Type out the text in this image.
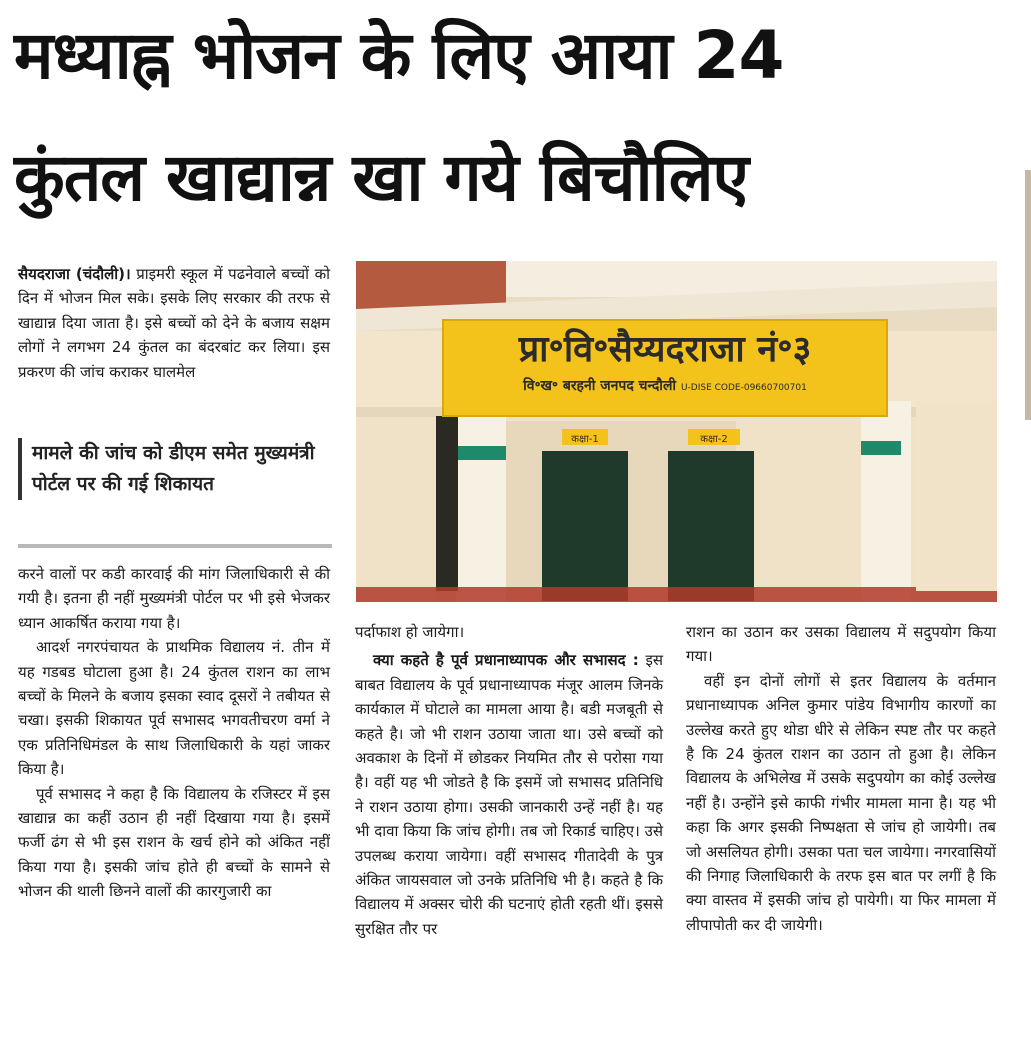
मध्याह्न भोजन के लिए आया 24
कुंतल खाद्यान्न खा गये बिचौलिए

सैयदराजा (चंदौली)। प्राइमरी स्कूल में पढनेवाले बच्चों को दिन में भोजन मिल सके। इसके लिए सरकार की तरफ से खाद्यान्न दिया जाता है। इसे बच्चों को देने के बजाय सक्षम लोगों ने लगभग 24 कुंतल का बंदरबांट कर लिया। इस प्रकरण की जांच कराकर घालमेल

मामले की जांच को डीएम समेत मुख्यमंत्री पोर्टल पर की गई शिकायत

करने वालों पर कडी कारवाई की मांग जिलाधिकारी से की गयी है। इतना ही नहीं मुख्यमंत्री पोर्टल पर भी इसे भेजकर ध्यान आकर्षित कराया गया है।

आदर्श नगरपंचायत के प्राथमिक विद्यालय नं. तीन में यह गडबड घोटाला हुआ है। 24 कुंतल राशन का लाभ बच्चों के मिलने के बजाय इसका स्वाद दूसरों ने तबीयत से चखा। इसकी शिकायत पूर्व सभासद भगवतीचरण वर्मा ने एक प्रतिनिधिमंडल के साथ जिलाधिकारी के यहां जाकर किया है।

पूर्व सभासद ने कहा है कि विद्यालय के रजिस्टर में इस खाद्यान्न का कहीं उठान ही नहीं दिखाया गया है। इसमें फर्जी ढंग से भी इस राशन के खर्च होने को अंकित नहीं किया गया है। इसकी जांच होते ही बच्चों के सामने से भोजन की थाली छिनने वालों की कारगुजारी का

कक्षा-1	कक्षा-2
प्रा॰वि॰सैय्यदराजा नं॰३
वि॰ख॰ बरहनी जनपद चन्दौली U-DISE CODE-09660700701

पर्दाफाश हो जायेगा।

क्या कहते है पूर्व प्रधानाध्यापक और सभासद : इस बाबत विद्यालय के पूर्व प्रधानाध्यापक मंजूर आलम जिनके कार्यकाल में घोटाले का मामला आया है। बडी मजबूती से कहते है। जो भी राशन उठाया जाता था। उसे बच्चों को अवकाश के दिनों में छोडकर नियमित तौर से परोसा गया है। वहीं यह भी जोडते है कि इसमें जो सभासद प्रतिनिधि ने राशन उठाया होगा। उसकी जानकारी उन्हें नहीं है। यह भी दावा किया कि जांच होगी। तब जो रिकार्ड चाहिए। उसे उपलब्ध कराया जायेगा। वहीं सभासद गीतादेवी के पुत्र अंकित जायसवाल जो उनके प्रतिनिधि भी है। कहते है कि विद्यालय में अक्सर चोरी की घटनाएं होती रहती थीं। इससे सुरक्षित तौर पर

राशन का उठान कर उसका विद्यालय में सदुपयोग किया गया।

वहीं इन दोनों लोगों से इतर विद्यालय के वर्तमान प्रधानाध्यापक अनिल कुमार पांडेय विभागीय कारणों का उल्लेख करते हुए थोडा धीरे से लेकिन स्पष्ट तौर पर कहते है कि 24 कुंतल राशन का उठान तो हुआ है। लेकिन विद्यालय के अभिलेख में उसके सदुपयोग का कोई उल्लेख नहीं है। उन्होंने इसे काफी गंभीर मामला माना है। यह भी कहा कि अगर इसकी निष्पक्षता से जांच हो जायेगी। तब जो असलियत होगी। उसका पता चल जायेगा। नगरवासियों की निगाह जिलाधिकारी के तरफ इस बात पर लगीं है कि क्या वास्तव में इसकी जांच हो पायेगी। या फिर मामला में लीपापोती कर दी जायेगी।
